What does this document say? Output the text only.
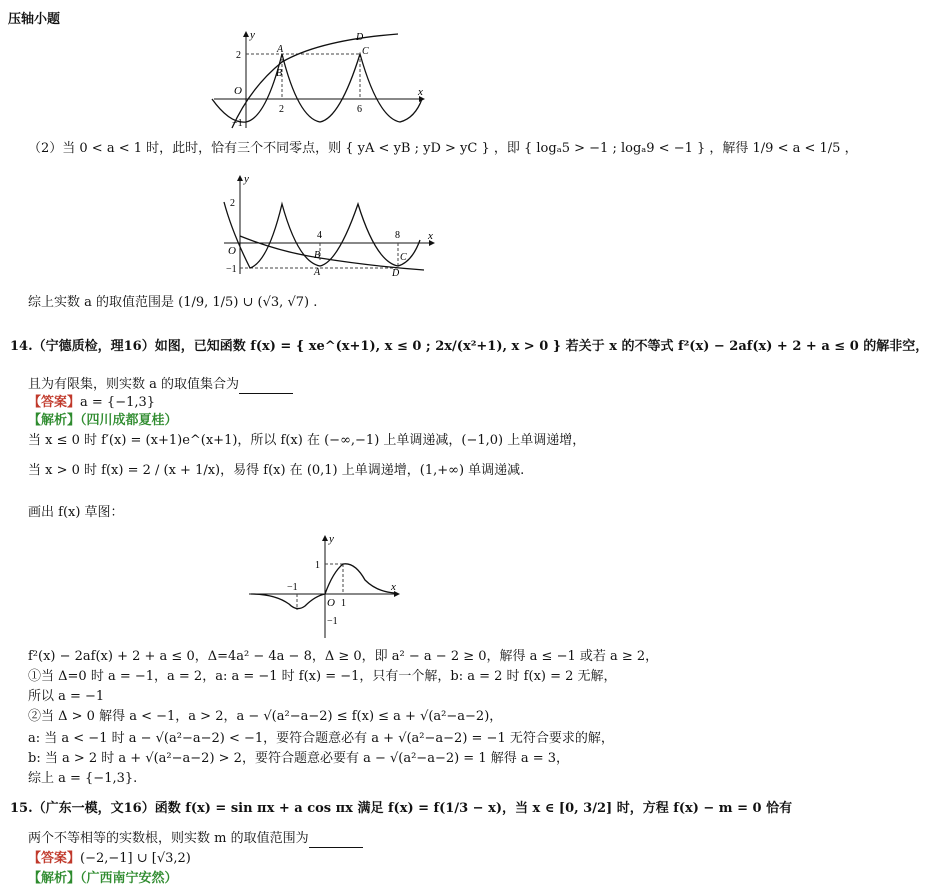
压轴小题
y
x
O
2
−1
A
B
C
D
2	6
（2）当 0 < a < 1 时，此时，恰有三个不同零点，则 { yA < yB ; yD > yC } ，即 { logₐ5 > −1 ; logₐ9 < −1 } ，解得 1/9 < a < 1/5 ，
y
x
O
2
−1
4	8
A
B	C
D
综上实数 a 的取值范围是 (1/9, 1/5) ∪ (√3, √7) .
14.（宁德质检，理16）如图，已知函数 f(x) = { xe^(x+1), x ≤ 0 ; 2x/(x²+1), x > 0 } 若关于 x 的不等式 f²(x) − 2af(x) + 2 + a ≤ 0 的解非空，
且为有限集，则实数 a 的取值集合为
【答案】a = {−1,3}
【解析】（四川成都夏桂）
当 x ≤ 0 时 f′(x) = (x+1)e^(x+1)，所以 f(x) 在 (−∞,−1) 上单调递减，(−1,0) 上单调递增，
当 x > 0 时 f(x) = 2 / (x + 1/x)，易得 f(x) 在 (0,1) 上单调递增，(1,+∞) 单调递减.
画出 f(x) 草图：
y
x
O
1
−1
−1
1
f²(x) − 2af(x) + 2 + a ≤ 0，Δ=4a² − 4a − 8，Δ ≥ 0，即 a² − a − 2 ≥ 0，解得 a ≤ −1 或若 a ≥ 2，
①当 Δ=0 时 a = −1，a = 2，a: a = −1 时 f(x) = −1，只有一个解，b: a = 2 时 f(x) = 2 无解，
所以 a = −1
②当 Δ > 0 解得 a < −1，a > 2，a − √(a²−a−2) ≤ f(x) ≤ a + √(a²−a−2)，
a: 当 a < −1 时 a − √(a²−a−2) < −1，要符合题意必有 a + √(a²−a−2) = −1 无符合要求的解，
b: 当 a > 2 时 a + √(a²−a−2) > 2，要符合题意必要有 a − √(a²−a−2) = 1 解得 a = 3，
综上 a = {−1,3}.
15.（广东一模，文16）函数 f(x) = sin πx + a cos πx 满足 f(x) = f(1/3 − x)，当 x ∈ [0, 3/2] 时，方程 f(x) − m = 0 恰有
两个不等相等的实数根，则实数 m 的取值范围为
【答案】(−2,−1] ∪ [√3,2)
【解析】（广西南宁安然）
